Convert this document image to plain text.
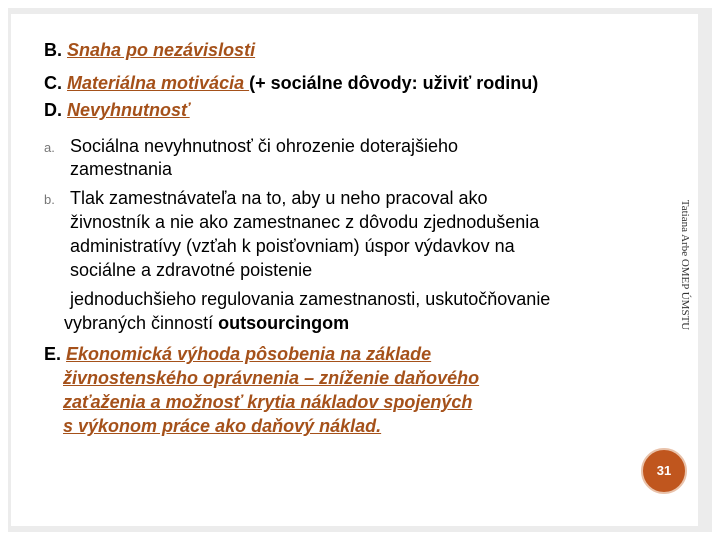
B. Snaha po nezávislosti
C. Materiálna motivácia (+ sociálne dôvody: uživiť rodinu)
D. Nevyhnutnosť
a. Sociálna nevyhnutnosť či ohrozenie doterajšieho
zamestnania
b. Tlak zamestnávateľa na to, aby u neho pracoval ako
živnostník a nie ako zamestnanec z dôvodu zjednodušenia
administratívy (vzťah k poisťovniam) úspor výdavkov na
sociálne a zdravotné poistenie
jednoduchšieho regulovania zamestnanosti, uskutočňovanie
vybraných činností outsourcingom
E. Ekonomická výhoda pôsobenia na základe
živnostenského oprávnenia – zníženie daňového
zaťaženia a možnosť krytia nákladov spojených
s výkonom práce ako daňový náklad.
Tatiana Arbe OMEP ÚMSTU
31
